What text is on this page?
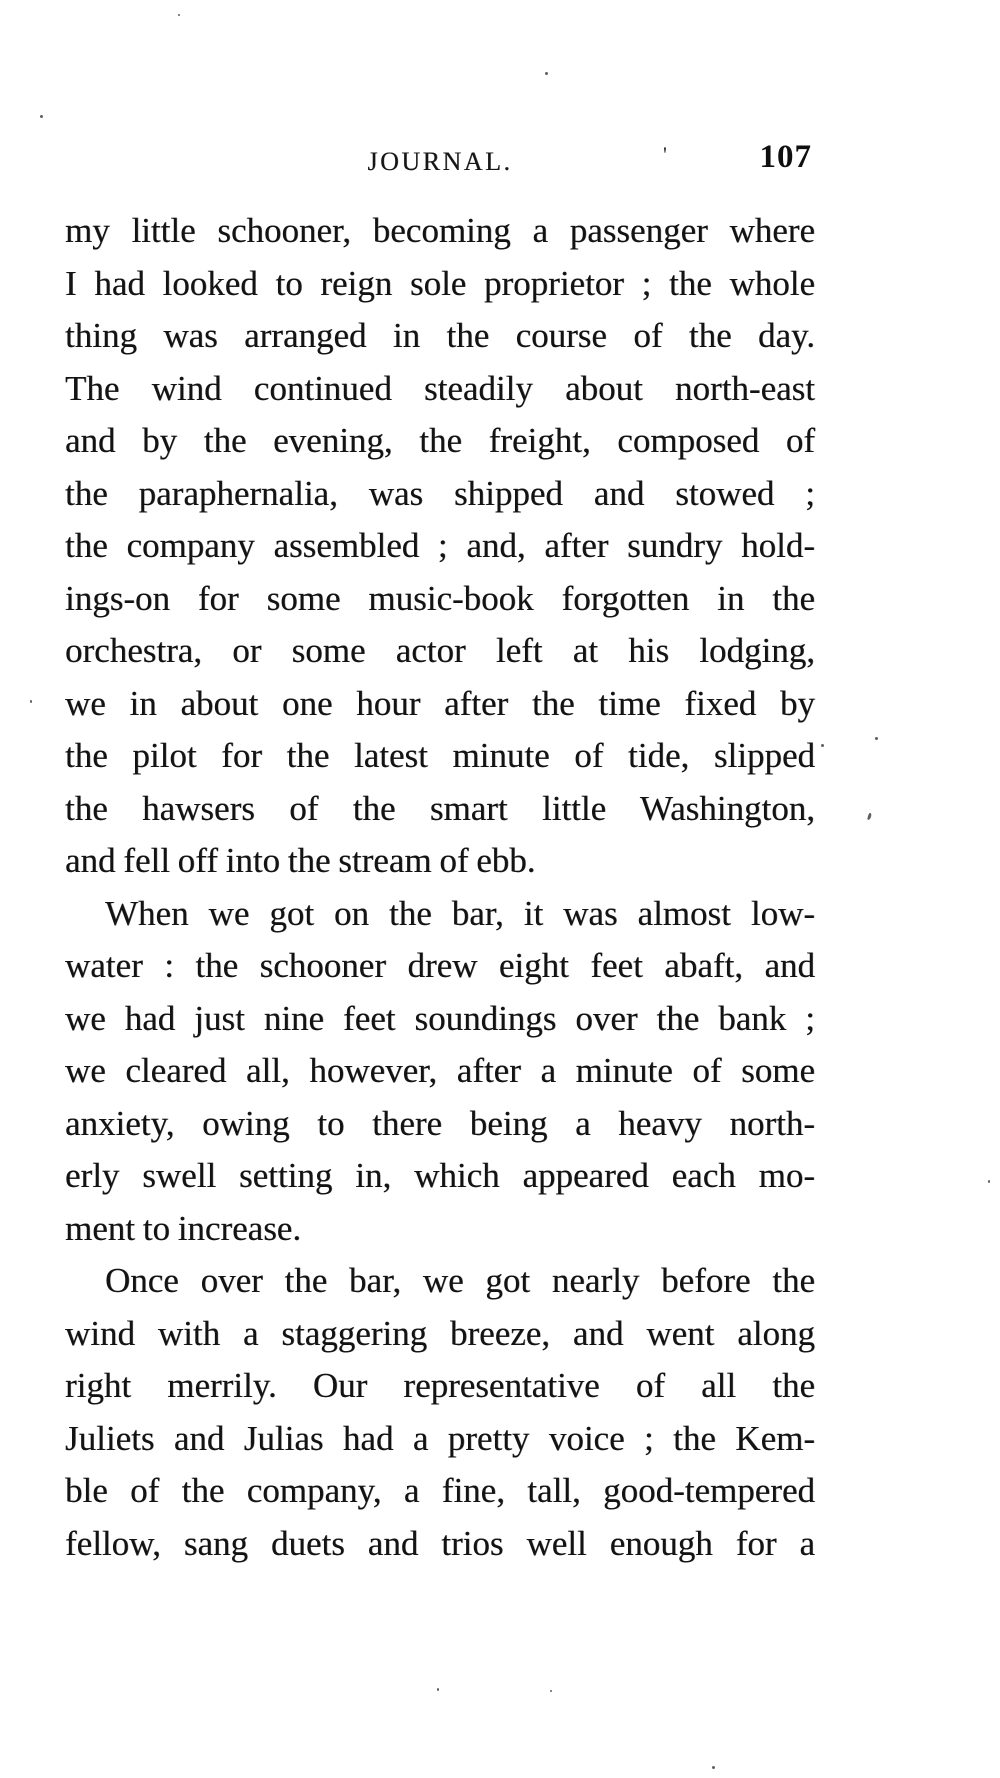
JOURNAL.	'	107
my little schooner, becoming a passenger where
I had looked to reign sole proprietor ; the whole
thing was arranged in the course of the day.
The wind continued steadily about north-east
and by the evening, the freight, composed of
the paraphernalia, was shipped and stowed ;
the company assembled ; and, after sundry hold-
ings-on for some music-book forgotten in the
orchestra, or some actor left at his lodging,
we in about one hour after the time fixed by
the pilot for the latest minute of tide, slipped
the hawsers of the smart little Washington,
and fell off into the stream of ebb.
When we got on the bar, it was almost low-
water : the schooner drew eight feet abaft, and
we had just nine feet soundings over the bank ;
we cleared all, however, after a minute of some
anxiety, owing to there being a heavy north-
erly swell setting in, which appeared each mo-
ment to increase.
Once over the bar, we got nearly before the
wind with a staggering breeze, and went along
right merrily. Our representative of all the
Juliets and Julias had a pretty voice ; the Kem-
ble of the company, a fine, tall, good-tempered
fellow, sang duets and trios well enough for a
